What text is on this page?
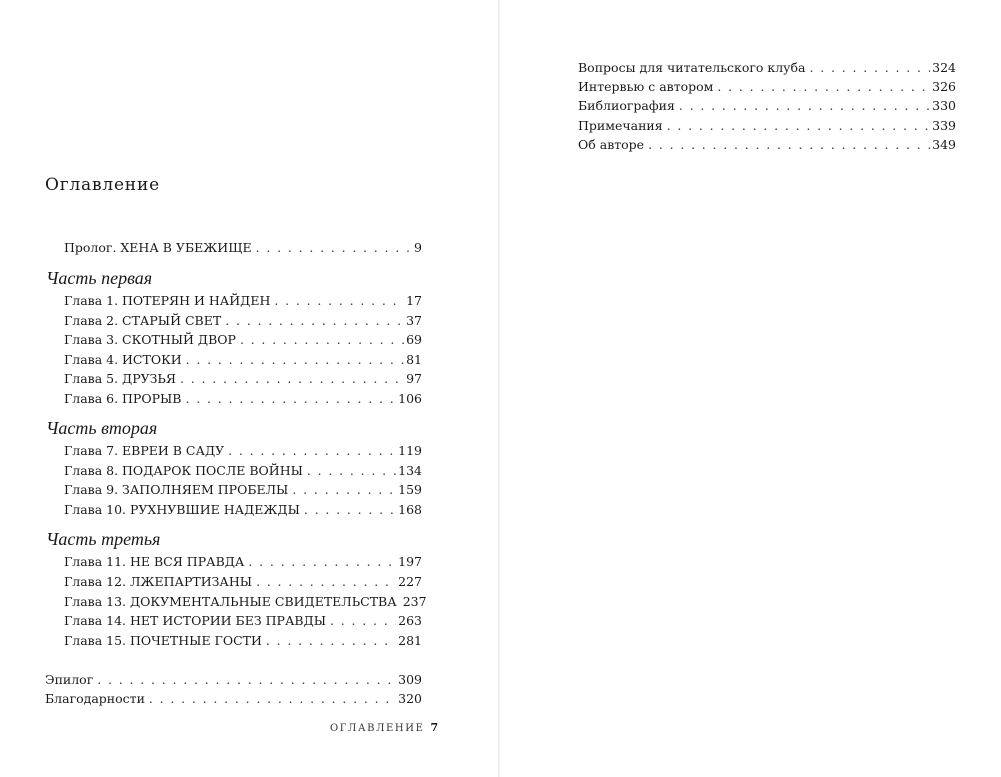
Оглавление
Пролог. ХЕНА В УБЕЖИЩЕ . . .	9
Часть первая
Глава 1. ПОТЕРЯН И НАЙДЕН . . .	17
Глава 2. СТАРЫЙ СВЕТ . . .	37
Глава 3. СКОТНЫЙ ДВОР . . .	69
Глава 4. ИСТОКИ . . .	81
Глава 5. ДРУЗЬЯ . . .	97
Глава 6. ПРОРЫВ . . .	106
Часть вторая
Глава 7. ЕВРЕИ В САДУ . . .	119
Глава 8. ПОДАРОК ПОСЛЕ ВОЙНЫ . . .	134
Глава 9. ЗАПОЛНЯЕМ ПРОБЕЛЫ . . .	159
Глава 10. РУХНУВШИЕ НАДЕЖДЫ . . .	168
Часть третья
Глава 11. НЕ ВСЯ ПРАВДА . . .	197
Глава 12. ЛЖЕПАРТИЗАНЫ . . .	227
Глава 13. ДОКУМЕНТАЛЬНЫЕ СВИДЕТЕЛЬСТВА 237
Глава 14. НЕТ ИСТОРИИ БЕЗ ПРАВДЫ . . .	263
Глава 15. ПОЧЕТНЫЕ ГОСТИ . . .	281
Эпилог . . .	309
Благодарности . . .	320
ОГЛАВЛЕНИЕ 7
Вопросы для читательского клуба . . .	324
Интервью с автором . . .	326
Библиография . . .	330
Примечания . . .	339
Об авторе . . .	349
